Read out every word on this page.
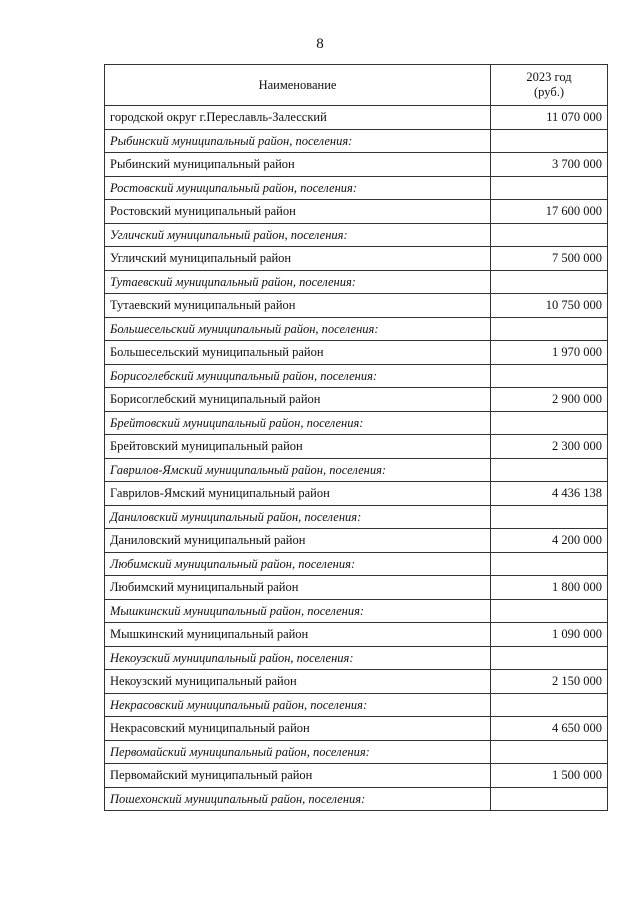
8
Наименование	2023 год
(руб.)

городской округ г.Переславль-Залесский	11 070 000
Рыбинский муниципальный район, поселения:	
Рыбинский муниципальный район	3 700 000
Ростовский муниципальный район, поселения:	
Ростовский муниципальный район	17 600 000
Угличский муниципальный район, поселения:	
Угличский муниципальный район	7 500 000
Тутаевский муниципальный район, поселения:	
Тутаевский муниципальный район	10 750 000
Большесельский муниципальный район, поселения:	
Большесельский муниципальный район	1 970 000
Борисоглебский муниципальный район, поселения:	
Борисоглебский муниципальный район	2 900 000
Брейтовский муниципальный район, поселения:	
Брейтовский муниципальный район	2 300 000
Гаврилов-Ямский муниципальный район, поселения:	
Гаврилов-Ямский муниципальный район	4 436 138
Даниловский муниципальный район, поселения:	
Даниловский муниципальный район	4 200 000
Любимский муниципальный район, поселения:	
Любимский муниципальный район	1 800 000
Мышкинский муниципальный район, поселения:	
Мышкинский муниципальный район	1 090 000
Некоузский муниципальный район, поселения:	
Некоузский муниципальный район	2 150 000
Некрасовский муниципальный район, поселения:	
Некрасовский муниципальный район	4 650 000
Первомайский муниципальный район, поселения:	
Первомайский муниципальный район	1 500 000
Пошехонский муниципальный район, поселения:	
